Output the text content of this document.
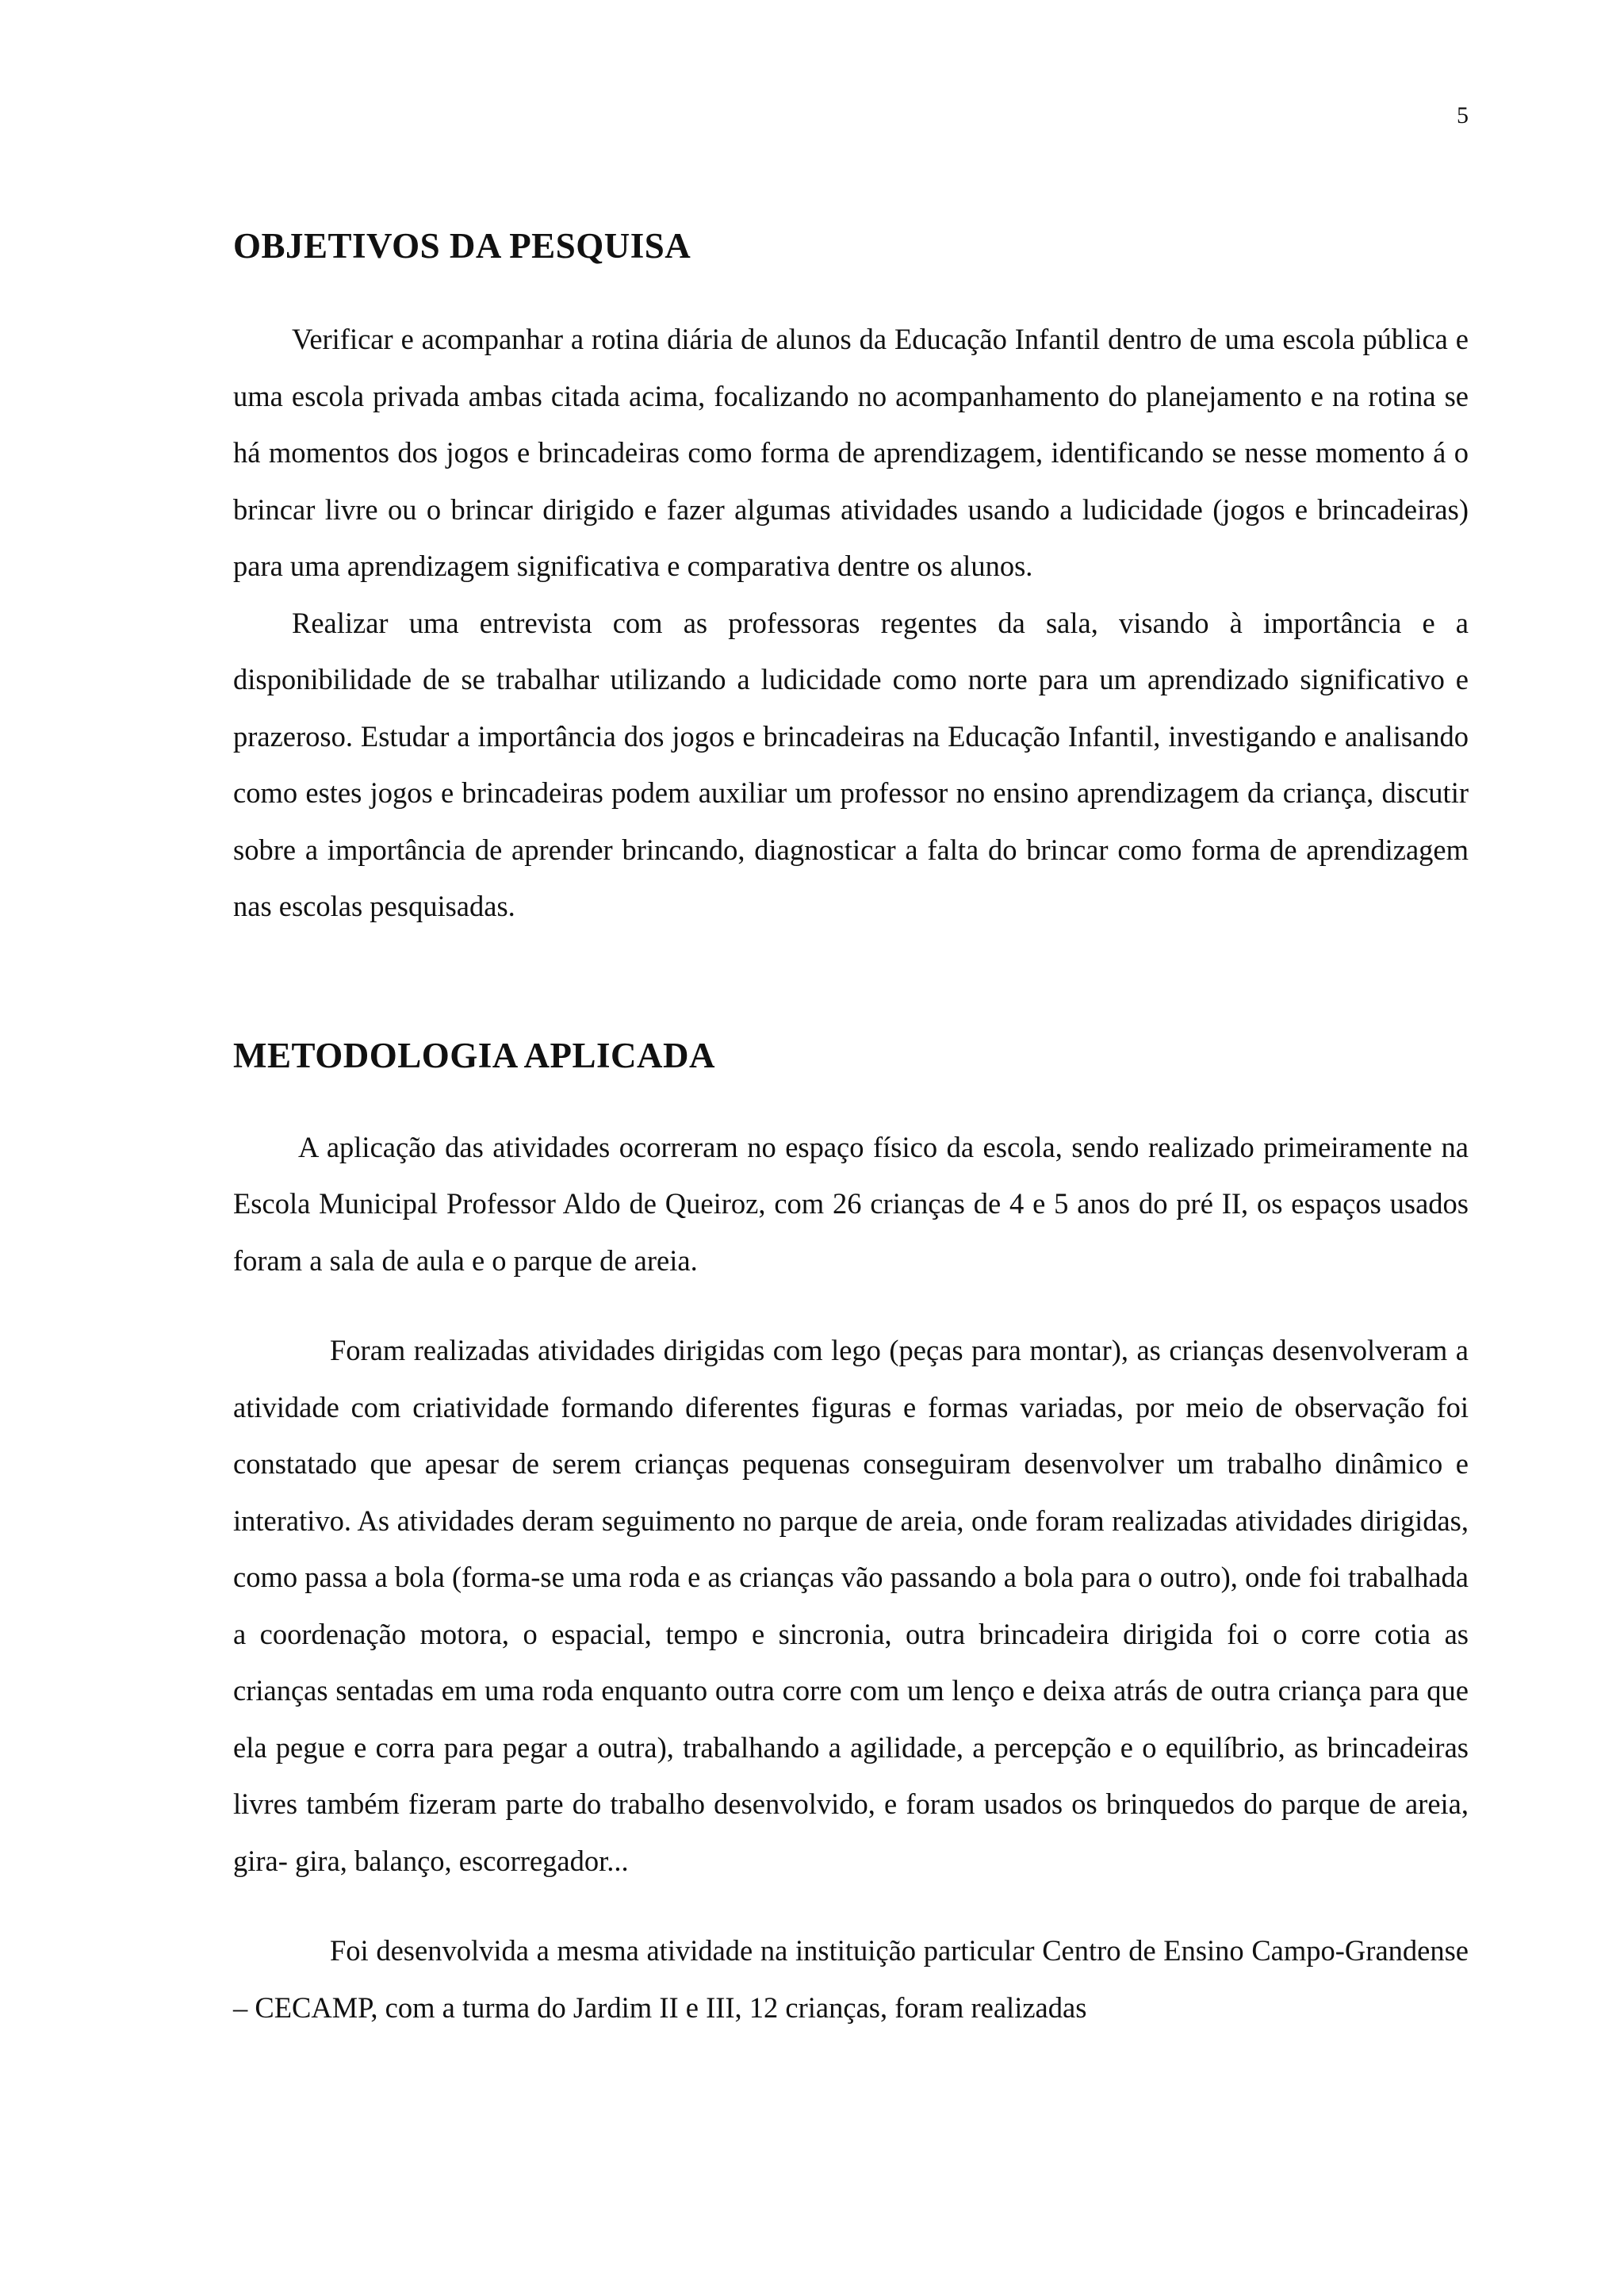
5
OBJETIVOS DA PESQUISA

Verificar e acompanhar a rotina diária de alunos da Educação Infantil dentro de uma escola pública e uma escola privada ambas citada acima, focalizando no acompanhamento do planejamento e na rotina se há momentos dos jogos e brincadeiras como forma de aprendizagem, identificando se nesse momento á o brincar livre ou o brincar dirigido e fazer algumas atividades usando a ludicidade (jogos e brincadeiras) para uma aprendizagem significativa e comparativa dentre os alunos.

Realizar uma entrevista com as professoras regentes da sala, visando à importância e a disponibilidade de se trabalhar utilizando a ludicidade como norte para um aprendizado significativo e prazeroso. Estudar a importância dos jogos e brincadeiras na Educação Infantil, investigando e analisando como estes jogos e brincadeiras podem auxiliar um professor no ensino aprendizagem da criança, discutir sobre a importância de aprender brincando, diagnosticar a falta do brincar como forma de aprendizagem nas escolas pesquisadas.

METODOLOGIA APLICADA

A aplicação das atividades ocorreram no espaço físico da escola, sendo realizado primeiramente na Escola Municipal Professor Aldo de Queiroz, com 26 crianças de 4 e 5 anos do pré II, os espaços usados foram a sala de aula e o parque de areia.

Foram realizadas atividades dirigidas com lego (peças para montar), as crianças desenvolveram a atividade com criatividade formando diferentes figuras e formas variadas, por meio de observação foi constatado que apesar de serem crianças pequenas conseguiram desenvolver um trabalho dinâmico e interativo. As atividades deram seguimento no parque de areia, onde foram realizadas atividades dirigidas, como passa a bola (forma-se uma roda e as crianças vão passando a bola para o outro), onde foi trabalhada a coordenação motora, o espacial, tempo e sincronia, outra brincadeira dirigida foi o corre cotia as crianças sentadas em uma roda enquanto outra corre com um lenço e deixa atrás de outra criança para que ela pegue e corra para pegar a outra), trabalhando a agilidade, a percepção e o equilíbrio, as brincadeiras livres também fizeram parte do trabalho desenvolvido, e foram usados os brinquedos do parque de areia, gira- gira, balanço, escorregador...

Foi desenvolvida a mesma atividade na instituição particular Centro de Ensino Campo-Grandense – CECAMP, com a turma do Jardim II e III, 12 crianças, foram realizadas
